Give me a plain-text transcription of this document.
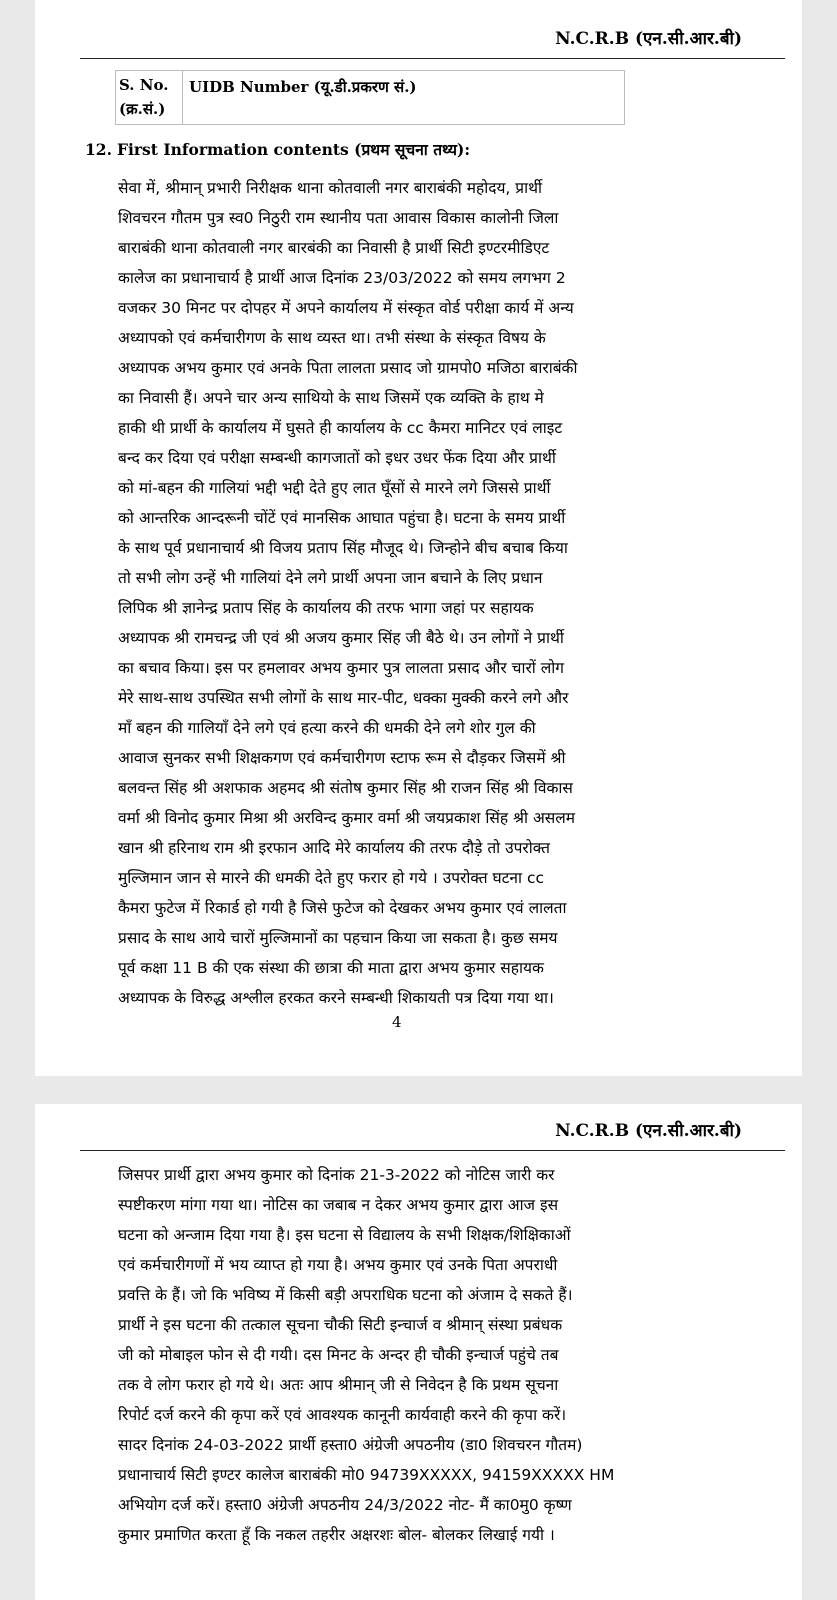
N.C.R.B (एन.सी.आर.बी)
S. No.
(क्र.सं.)
UIDB Number (यू.डी.प्रकरण सं.)
12. First Information contents (प्रथम सूचना तथ्य):
सेवा में, श्रीमान् प्रभारी निरीक्षक थाना कोतवाली नगर बाराबंकी महोदय, प्रार्थी
शिवचरन गौतम पुत्र स्व0 निठुरी राम स्थानीय पता आवास विकास कालोनी जिला
बाराबंकी थाना कोतवाली नगर बारबंकी का निवासी है प्रार्थी सिटी इण्टरमीडिएट
कालेज का प्रधानाचार्य है प्रार्थी आज दिनांक 23/03/2022 को समय लगभग 2
वजकर 30 मिनट पर दोपहर में अपने कार्यालय में संस्कृत वोर्ड परीक्षा कार्य में अन्य
अध्यापको एवं कर्मचारीगण के साथ व्यस्त था। तभी संस्था के संस्कृत विषय के
अध्यापक अभय कुमार एवं अनके पिता लालता प्रसाद जो ग्रामपो0 मजिठा बाराबंकी
का निवासी हैं। अपने चार अन्य साथियो के साथ जिसमें एक व्यक्ति के हाथ मे
हाकी थी प्रार्थी के कार्यालय में घुसते ही कार्यालय के cc कैमरा मानिटर एवं लाइट
बन्द कर दिया एवं परीक्षा सम्बन्धी कागजातों को इधर उधर फेंक दिया और प्रार्थी
को मां-बहन की गालियां भद्दी भद्दी देते हुए लात घूँसों से मारने लगे जिससे प्रार्थी
को आन्तरिक आन्दरूनी चोंटें एवं मानसिक आघात पहुंचा है। घटना के समय प्रार्थी
के साथ पूर्व प्रधानाचार्य श्री विजय प्रताप सिंह मौजूद थे। जिन्होने बीच बचाब किया
तो सभी लोग उन्हें भी गालियां देने लगे प्रार्थी अपना जान बचाने के लिए प्रधान
लिपिक श्री ज्ञानेन्द्र प्रताप सिंह के कार्यालय की तरफ भागा जहां पर सहायक
अध्यापक श्री रामचन्द्र जी एवं श्री अजय कुमार सिंह जी बैठे थे। उन लोगों ने प्रार्थी
का बचाव किया। इस पर हमलावर अभय कुमार पुत्र लालता प्रसाद और चारों लोग
मेरे साथ-साथ उपस्थित सभी लोगों के साथ मार-पीट, धक्का मुक्की करने लगे और
माँ बहन की गालियाँ देने लगे एवं हत्या करने की धमकी देने लगे शोर गुल की
आवाज सुनकर सभी शिक्षकगण एवं कर्मचारीगण स्टाफ रूम से दौड़कर जिसमें श्री
बलवन्त सिंह श्री अशफाक अहमद श्री संतोष कुमार सिंह श्री राजन सिंह श्री विकास
वर्मा श्री विनोद कुमार मिश्रा श्री अरविन्द कुमार वर्मा श्री जयप्रकाश सिंह श्री असलम
खान श्री हरिनाथ राम श्री इरफान आदि मेरे कार्यालय की तरफ दौड़े तो उपरोक्त
मुल्जिमान जान से मारने की धमकी देते हुए फरार हो गये । उपरोक्त घटना cc
कैमरा फुटेज में रिकार्ड हो गयी है जिसे फुटेज को देखकर अभय कुमार एवं लालता
प्रसाद के साथ आये चारों मुल्जिमानों का पहचान किया जा सकता है। कुछ समय
पूर्व कक्षा 11 B की एक संस्था की छात्रा की माता द्वारा अभय कुमार सहायक
अध्यापक के विरुद्ध अश्लील हरकत करने सम्बन्धी शिकायती पत्र दिया गया था।
4
N.C.R.B (एन.सी.आर.बी)
जिसपर प्रार्थी द्वारा अभय कुमार को दिनांक 21-3-2022 को नोटिस जारी कर
स्पष्टीकरण मांगा गया था। नोटिस का जबाब न देकर अभय कुमार द्वारा आज इस
घटना को अन्जाम दिया गया है। इस घटना से विद्यालय के सभी शिक्षक/शिक्षिकाओं
एवं कर्मचारीगणों में भय व्याप्त हो गया है। अभय कुमार एवं उनके पिता अपराधी
प्रवत्ति के हैं। जो कि भविष्य में किसी बड़ी अपराधिक घटना को अंजाम दे सकते हैं।
प्रार्थी ने इस घटना की तत्काल सूचना चौकी सिटी इन्चार्ज व श्रीमान् संस्था प्रबंधक
जी को मोबाइल फोन से दी गयी। दस मिनट के अन्दर ही चौकी इन्चार्ज पहुंचे तब
तक वे लोग फरार हो गये थे। अतः आप श्रीमान् जी से निवेदन है कि प्रथम सूचना
रिपोर्ट दर्ज करने की कृपा करें एवं आवश्यक कानूनी कार्यवाही करने की कृपा करें।
सादर दिनांक 24-03-2022 प्रार्थी हस्ता0 अंग्रेजी अपठनीय (डा0 शिवचरन गौतम)
प्रधानाचार्य सिटी इण्टर कालेज बाराबंकी मो0 94739XXXXX, 94159XXXXX HM
अभियोग दर्ज करें। हस्ता0 अंग्रेजी अपठनीय 24/3/2022 नोट- मैं का0मु0 कृष्ण
कुमार प्रमाणित करता हूँ कि नकल तहरीर अक्षरशः बोल- बोलकर लिखाई गयी ।
